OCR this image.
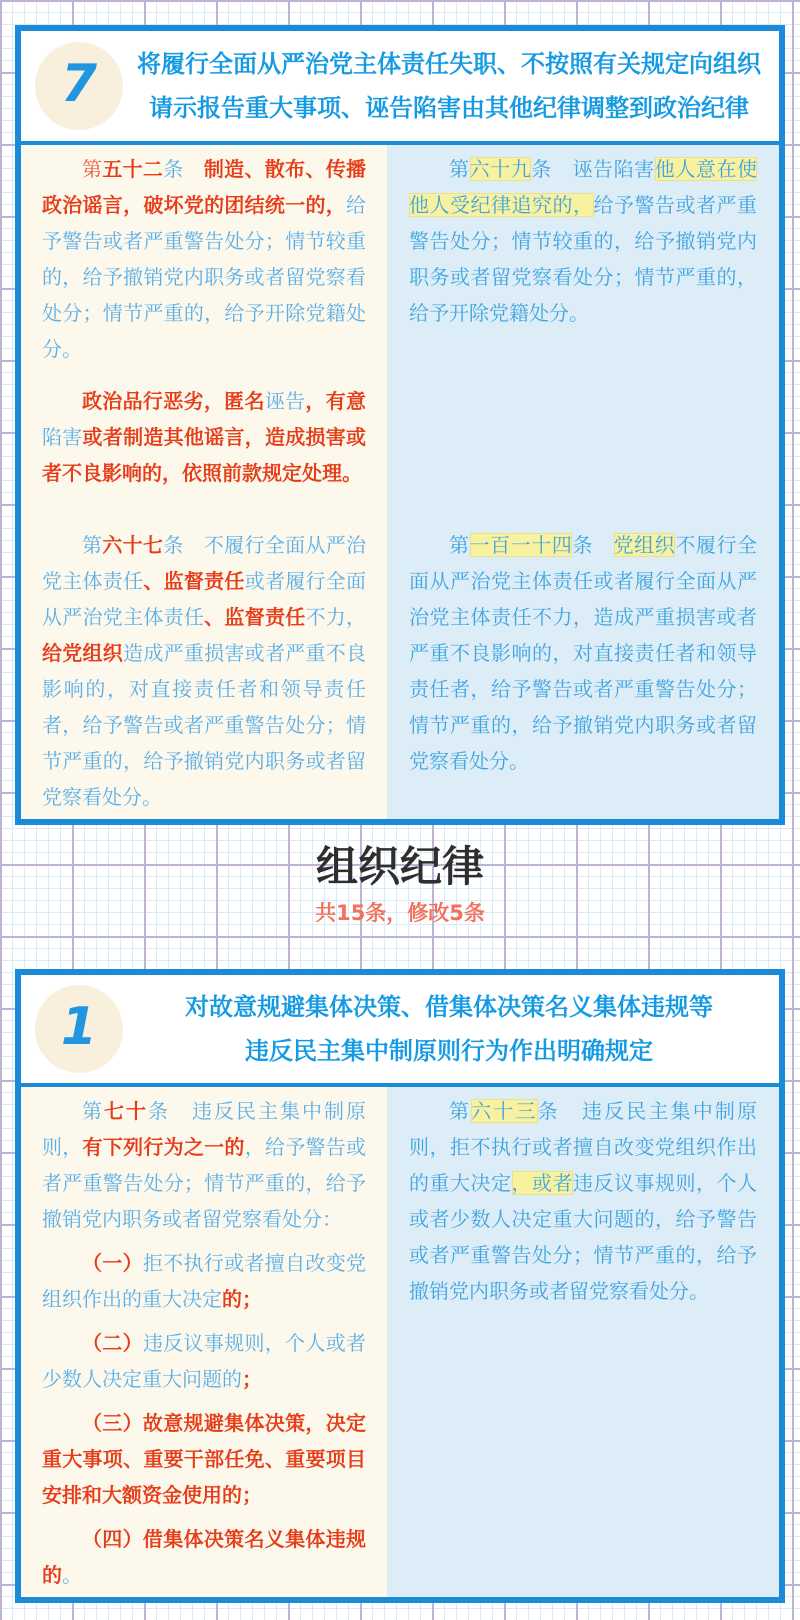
7	将履行全面从严治党主体责任失职、不按照有关规定向组织
请示报告重大事项、诬告陷害由其他纪律调整到政治纪律

第五十二条　 制造、散布、传播政治谣言，破坏党的团结统一的，给予警告或者严重警告处分；情节较重的，给予撤销党内职务或者留党察看处分；情节严重的，给予开除党籍处分。

政治品行恶劣，匿名诬告，有意陷害或者制造其他谣言，造成损害或者不良影响的，依照前款规定处理。

第六十七条　 不履行全面从严治党主体责任、监督责任或者履行全面从严治党主体责任、监督责任不力，给党组织造成严重损害或者严重不良影响的，对直接责任者和领导责任者，给予警告或者严重警告处分；情节严重的，给予撤销党内职务或者留党察看处分。

第六十九条　 诬告陷害他人意在使他人受纪律追究的，给予警告或者严重警告处分；情节较重的，给予撤销党内职务或者留党察看处分；情节严重的，给予开除党籍处分。

第一百一十四条　 党组织不履行全面从严治党主体责任或者履行全面从严治党主体责任不力，造成严重损害或者严重不良影响的，对直接责任者和领导责任者，给予警告或者严重警告处分；情节严重的，给予撤销党内职务或者留党察看处分。

组织纪律
共15条，修改5条
1	对故意规避集体决策、借集体决策名义集体违规等
违反民主集中制原则行为作出明确规定

第七十条　 违反民主集中制原则，有下列行为之一的，给予警告或者严重警告处分；情节严重的，给予撤销党内职务或者留党察看处分：

（一）拒不执行或者擅自改变党组织作出的重大决定的；

（二）违反议事规则，个人或者少数人决定重大问题的；

（三）故意规避集体决策，决定重大事项、重要干部任免、重要项目安排和大额资金使用的；

（四）借集体决策名义集体违规的。

第六十三条　 违反民主集中制原则，拒不执行或者擅自改变党组织作出的重大决定，或者违反议事规则，个人或者少数人决定重大问题的，给予警告或者严重警告处分；情节严重的，给予撤销党内职务或者留党察看处分。
